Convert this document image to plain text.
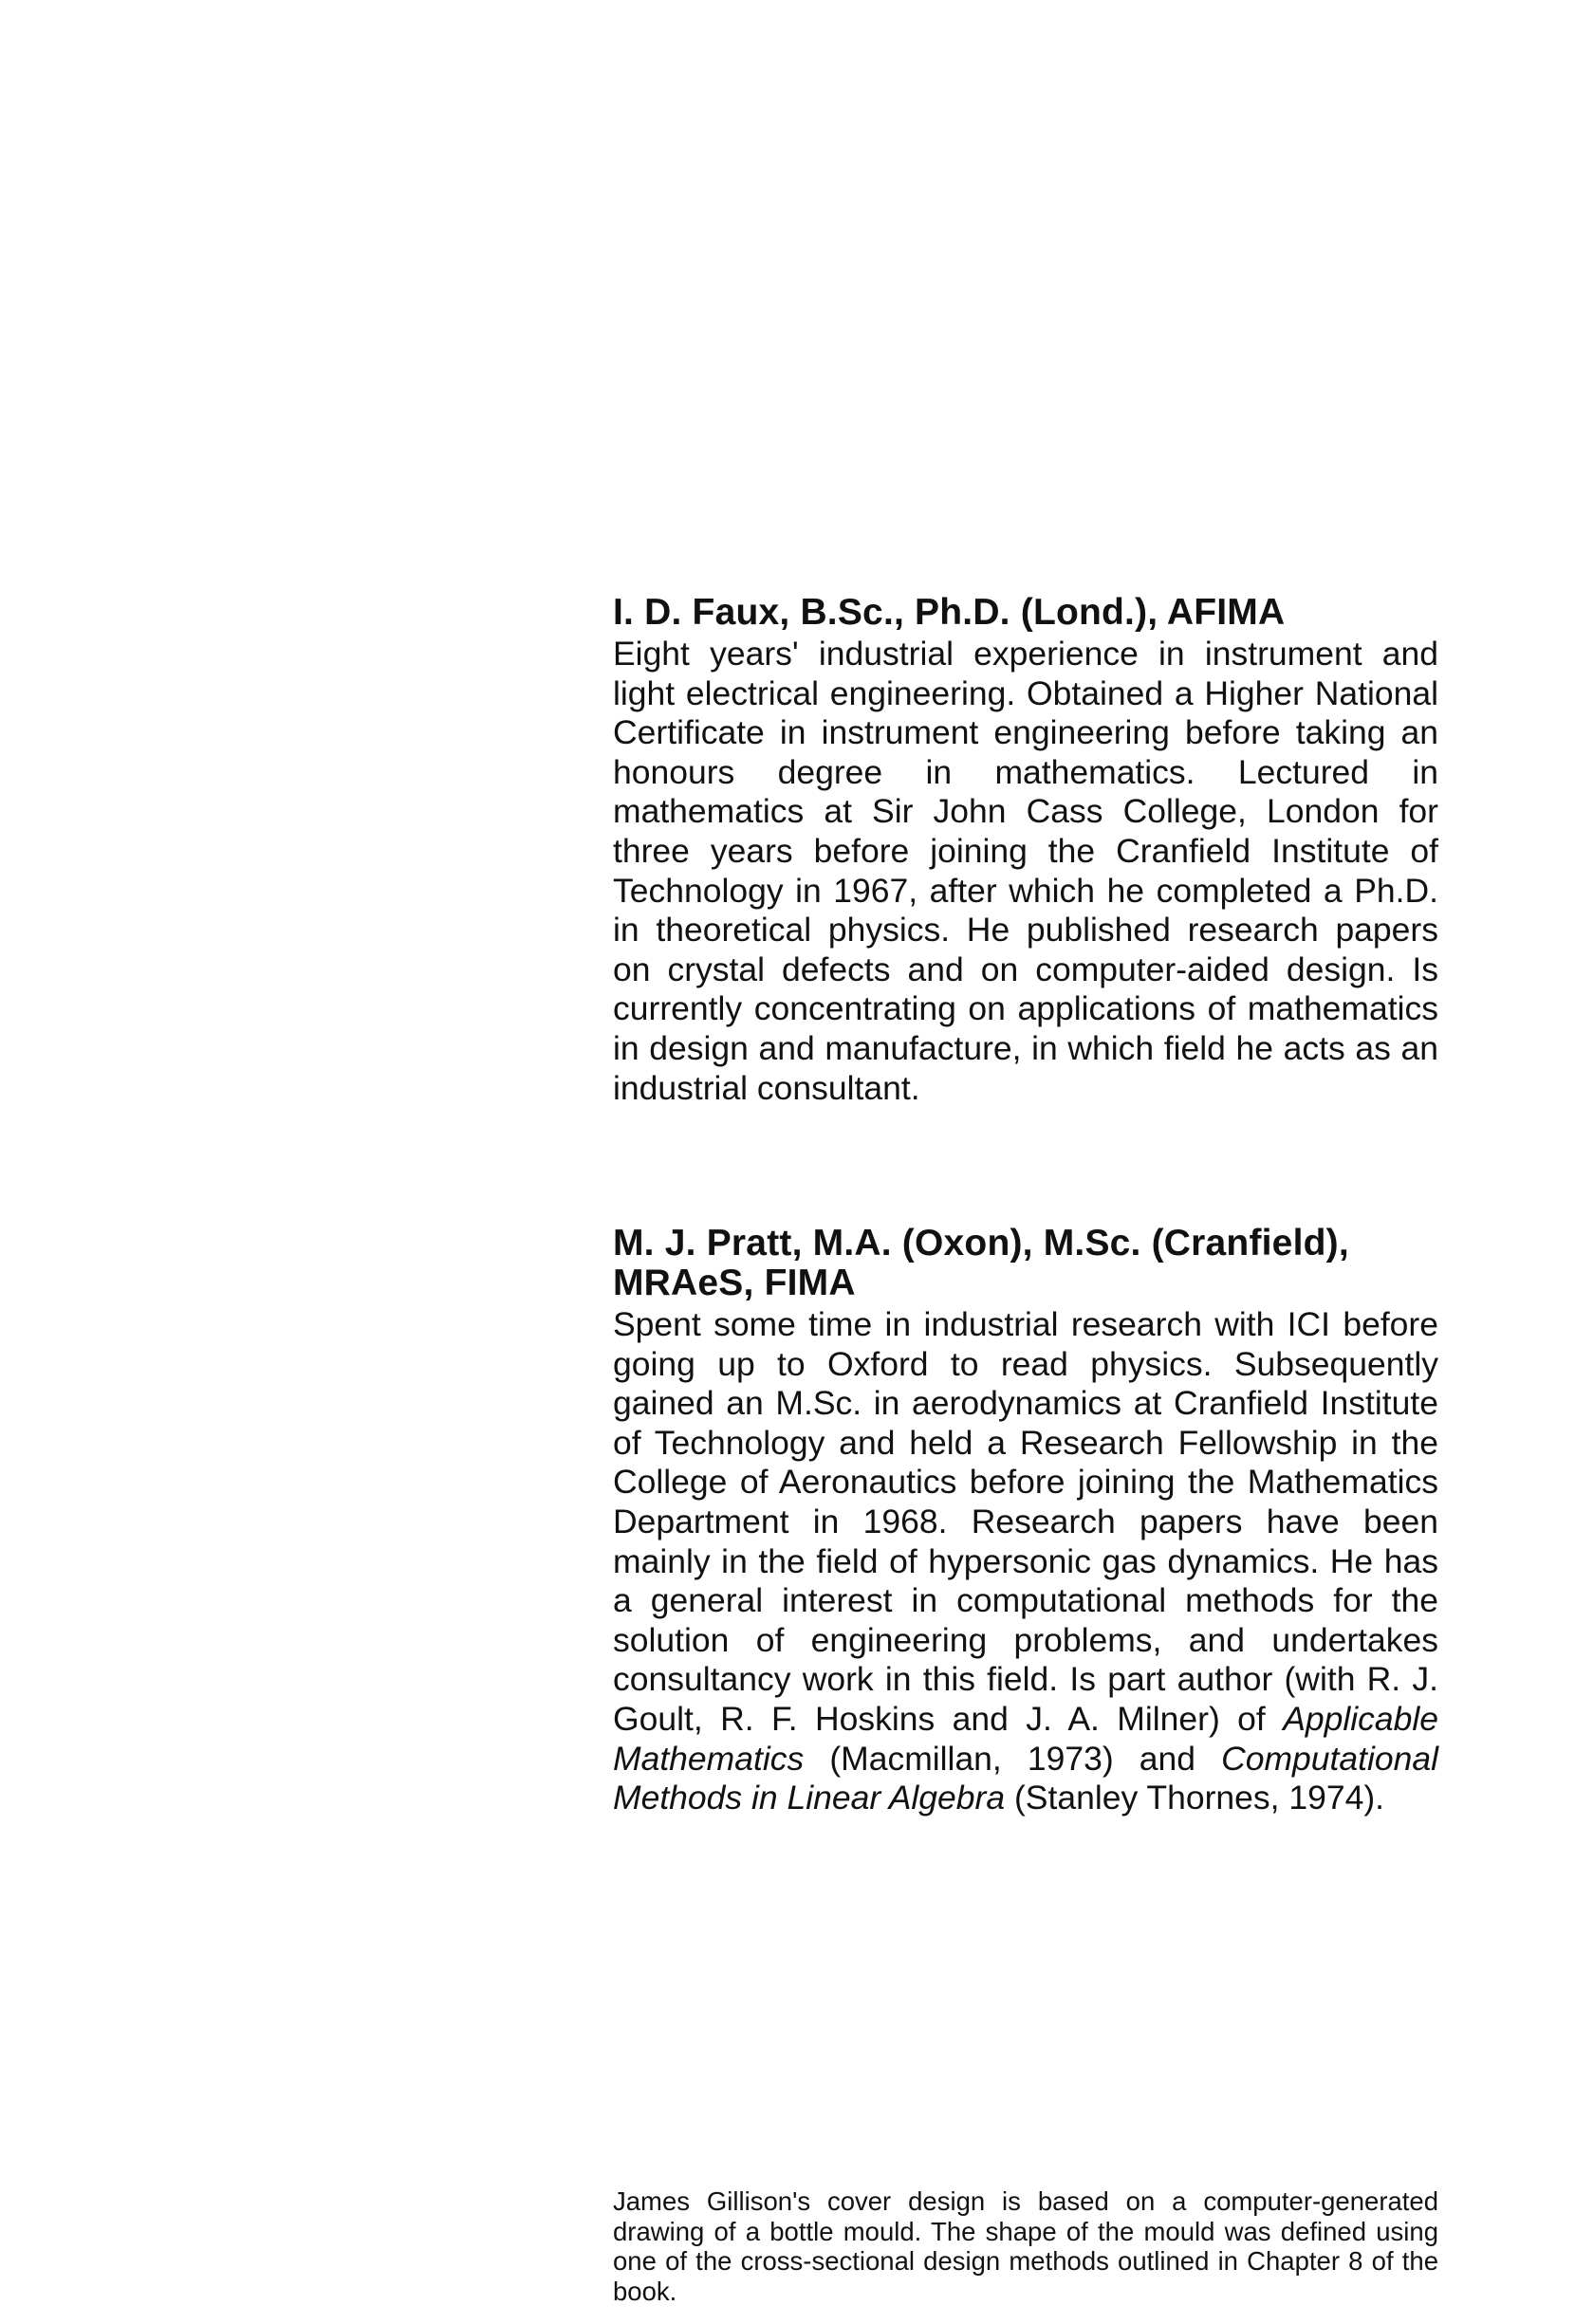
I. D. Faux, B.Sc., Ph.D. (Lond.), AFIMA

Eight years' industrial experience in instrument and light electrical engineering. Obtained a Higher National Certificate in instrument engineering before taking an honours degree in mathematics. Lectured in mathematics at Sir John Cass College, London for three years before joining the Cranfield Institute of Technology in 1967, after which he completed a Ph.D. in theoretical physics. He published research papers on crystal defects and on computer-aided design. Is currently concentrating on applications of mathematics in design and manufacture, in which field he acts as an industrial consultant.

M. J. Pratt, M.A. (Oxon), M.Sc. (Cranfield), MRAeS, FIMA

Spent some time in industrial research with ICI before going up to Oxford to read physics. Subsequently gained an M.Sc. in aerodynamics at Cranfield Institute of Technology and held a Research Fellowship in the College of Aeronautics before joining the Mathematics Department in 1968. Research papers have been mainly in the field of hypersonic gas dynamics. He has a general interest in computational methods for the solution of engineering problems, and undertakes consultancy work in this field. Is part author (with R. J. Goult, R. F. Hoskins and J. A. Milner) of Applicable Mathematics (Macmillan, 1973) and Computational Methods in Linear Algebra (Stanley Thornes, 1974).

James Gillison's cover design is based on a computer-generated drawing of a bottle mould. The shape of the mould was defined using one of the cross-sectional design methods outlined in Chapter 8 of the book.
